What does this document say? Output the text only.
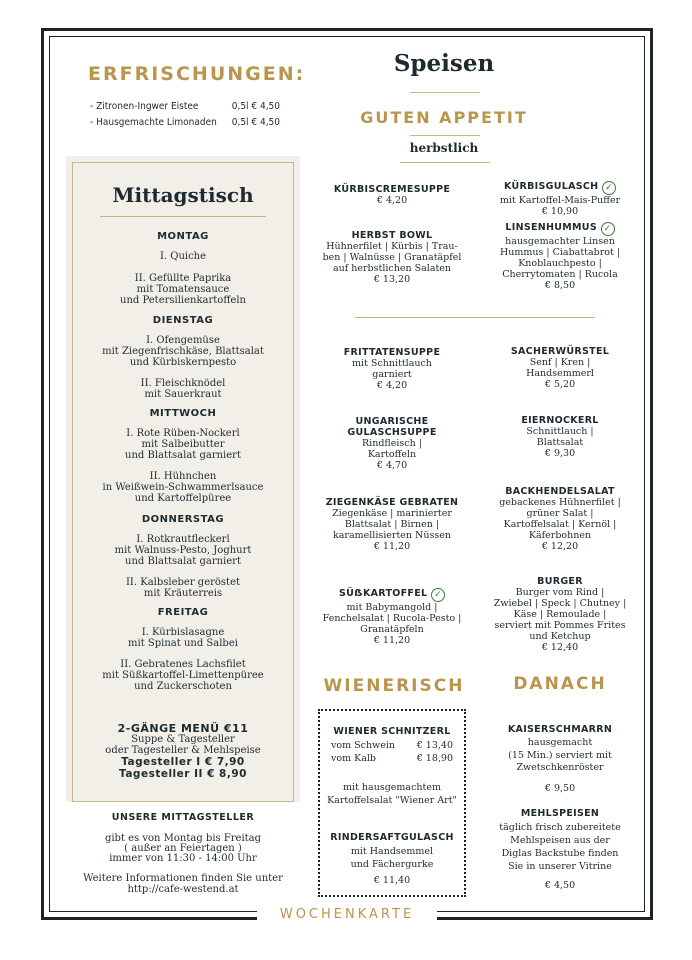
ERFRISCHUNGEN:
- Zitronen-Ingwer Eistee	0,5l € 4,50
- Hausgemachte Limonaden 0,5l € 4,50
Mittagstisch
MONTAG
I. Quiche
II. Gefüllte Paprika
mit Tomatensauce
und Petersilienkartoffeln
DIENSTAG
I. Ofengemüse
mit Ziegenfrischkäse, Blattsalat
und Kürbiskernpesto
II. Fleischknödel
mit Sauerkraut
MITTWOCH
I. Rote Rüben-Nockerl
mit Salbeibutter
und Blattsalat garniert
II. Hühnchen
in Weißwein-Schwammerlsauce
und Kartoffelpüree
DONNERSTAG
I. Rotkrautfleckerl
mit Walnuss-Pesto, Joghurt
und Blattsalat garniert
II. Kalbsleber geröstet
mit Kräuterreis
FREITAG
I. Kürbislasagne
mit Spinat und Salbei
II. Gebratenes Lachsfilet
mit Süßkartoffel-Limettenpüree
und Zuckerschoten
2-GÄNGE MENÜ €11
Suppe & Tagesteller
oder Tagesteller & Mehlspeise
Tagesteller I € 7,90
Tagesteller II € 8,90
UNSERE MITTAGSTELLER
gibt es von Montag bis Freitag
( außer an Feiertagen )
immer von 11:30 - 14:00 Uhr
Weitere Informationen finden Sie unter
http://cafe-westend.at
Speisen
GUTEN APPETIT
herbstlich
KÜRBISCREMESUPPE
€ 4,20
KÜRBISGULASCH ✓
mit Kartoffel-Mais-Puffer
€ 10,90
HERBST BOWL
Hühnerfilet | Kürbis | Trau-
ben | Walnüsse | Granatäpfel
auf herbstlichen Salaten
€ 13,20
LINSENHUMMUS ✓
hausgemachter Linsen
Hummus | Ciabattabrot |
Knoblauchpesto |
Cherrytomaten | Rucola
€ 8,50
FRITTATENSUPPE
mit Schnittlauch
garniert
€ 4,20
SACHERWÜRSTEL
Senf | Kren |
Handsemmerl
€ 5,20
UNGARISCHE
GULASCHSUPPE
Rindfleisch |
Kartoffeln
€ 4,70
EIERNOCKERL
Schnittlauch |
Blattsalat
€ 9,30
ZIEGENKÄSE GEBRATEN
Ziegenkäse | marinierter
Blattsalat | Birnen |
karamellisierten Nüssen
€ 11,20
BACKHENDELSALAT
gebackenes Hühnerfilet |
grüner Salat |
Kartoffelsalat | Kernöl |
Käferbohnen
€ 12,20
SÜẞKARTOFFEL ✓
mit Babymangold |
Fenchelsalat | Rucola-Pesto |
Granatäpfeln
€ 11,20
BURGER
Burger vom Rind |
Zwiebel | Speck | Chutney |
Käse | Remoulade |
serviert mit Pommes Frites
und Ketchup
€ 12,40
WIENERISCH
WIENER SCHNITZERL
vom Schwein € 13,40
vom Kalb	€ 18,90
mit hausgemachtem
Kartoffelsalat "Wiener Art"
RINDERSAFTGULASCH
mit Handsemmel
und Fächergurke
€ 11,40
DANACH
KAISERSCHMARRN
hausgemacht
(15 Min.) serviert mit
Zwetschkenröster
€ 9,50
MEHLSPEISEN
täglich frisch zubereitete
Mehlspeisen aus der
Diglas Backstube finden
Sie in unserer Vitrine
€ 4,50
WOCHENKARTE
